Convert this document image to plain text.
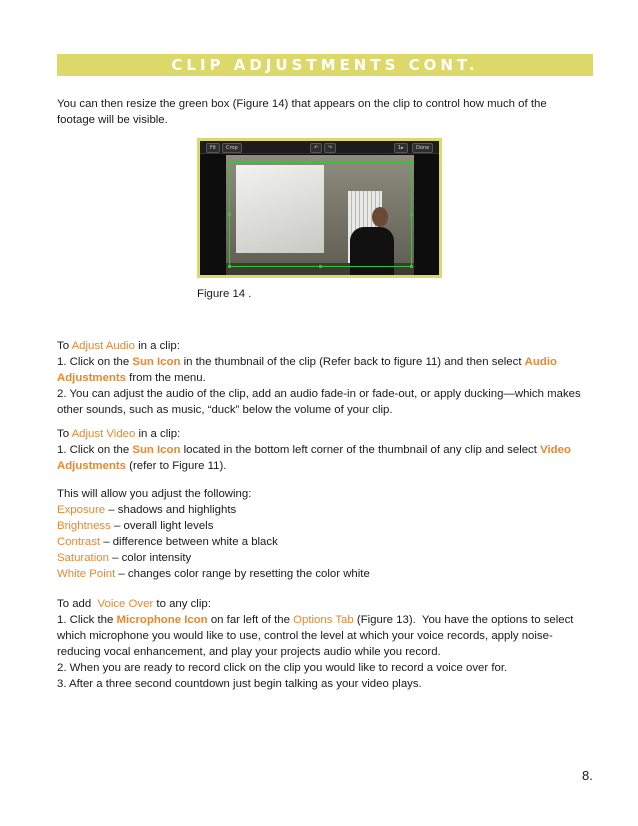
CLIP ADJUSTMENTS CONT.
You can then resize the green box (Figure 14) that appears on the clip to control how much of the
footage will be visible.
Fit	Crop	↶	↷	1▸	Done
Figure 14 .
To Adjust Audio in a clip:
1. Click on the Sun Icon in the thumbnail of the clip (Refer back to figure 11) and then select Audio
Adjustments from the menu.
2. You can adjust the audio of the clip, add an audio fade-in or fade-out, or apply ducking—which makes
other sounds, such as music, “duck” below the volume of your clip.
To Adjust Video in a clip:
1. Click on the Sun Icon located in the bottom left corner of the thumbnail of any clip and select Video
Adjustments (refer to Figure 11).
This will allow you adjust the following:
Exposure – shadows and highlights
Brightness – overall light levels
Contrast – difference between white a black
Saturation – color intensity
White Point – changes color range by resetting the color white
To add  Voice Over to any clip:
1. Click the Microphone Icon on far left of the Options Tab (Figure 13).  You have the options to select
which microphone you would like to use, control the level at which your voice records, apply noise-
reducing vocal enhancement, and play your projects audio while you record.
2. When you are ready to record click on the clip you would like to record a voice over for.
3. After a three second countdown just begin talking as your video plays.
8.
